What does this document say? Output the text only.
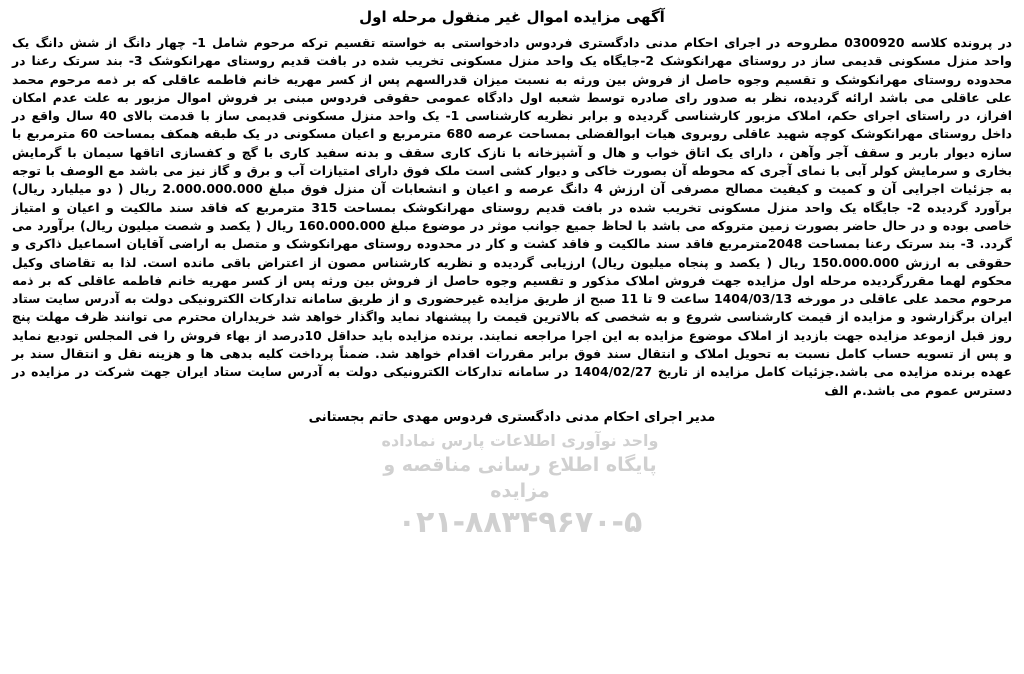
آگهی مزایده اموال غیر منقول مرحله اول

در پرونده کلاسه 0300920 مطروحه در اجرای احکام مدنی دادگستری فردوس دادخواستی به خواسته تقسیم ترکه مرحوم شامل 1- چهار دانگ از شش دانگ یک واحد منزل مسکونی قدیمی ساز در روستای مهرانکوشک 2-جایگاه یک واحد منزل مسکونی تخریب شده در بافت قدیم روستای مهرانکوشک 3- بند سرتک رعنا در محدوده روستای مهرانکوشک و تقسیم وجوه حاصل از فروش بین ورثه به نسبت میزان قدرالسهم پس از کسر مهریه خانم فاطمه عاقلی که بر ذمه مرحوم محمد علی عاقلی می باشد ارائه گردیده، نظر به صدور رای صادره توسط شعبه اول دادگاه عمومی حقوقی فردوس مبنی بر فروش اموال مزبور به علت عدم امکان افراز، در راستای اجرای حکم، املاک مزبور کارشناسی گردیده و برابر نظریه کارشناسی 1- یک واحد منزل مسکونی قدیمی ساز با قدمت بالای 40 سال واقع در داخل روستای مهرانکوشک کوچه شهید عاقلی روبروی هیات ابوالفضلی بمساحت عرصه 680 مترمربع و اعیان مسکونی در یک طبقه همکف بمساحت 60 مترمربع با سازه دیوار باربر و سقف آجر وآهن ، دارای یک اتاق خواب و هال و آشپزخانه با نازک کاری سقف و بدنه سفید کاری با گچ و کفسازی اتاقها سیمان با گرمایش بخاری و سرمایش کولر آبی با نمای آجری که محوطه آن بصورت خاکی و دیوار کشی است ملک فوق دارای امتیازات آب و برق و گاز نیز می باشد مع الوصف با توجه به جزئیات اجرایی آن و کمیت و کیفیت مصالح مصرفی آن ارزش 4 دانگ عرصه و اعیان و انشعابات آن منزل فوق مبلغ 2.000.000.000 ریال ( دو میلیارد ریال) برآورد گردیده 2- جایگاه یک واحد منزل مسکونی تخریب شده در بافت قدیم روستای مهرانکوشک بمساحت 315 مترمربع که فاقد سند مالکیت و اعیان و امتیاز خاصی بوده و در حال حاضر بصورت زمین متروکه می باشد با لحاظ جمیع جوانب موثر در موضوع مبلغ 160.000.000 ریال ( یکصد و شصت میلیون ریال) برآورد می گردد. 3- بند سرتک رعنا بمساحت 2048مترمربع فاقد سند مالکیت و فاقد کشت و کار در محدوده روستای مهرانکوشک و متصل به اراضی آقایان اسماعیل ذاکری و حقوقی به ارزش 150.000.000 ریال ( یکصد و پنجاه میلیون ریال) ارزیابی گردیده و نظریه کارشناس مصون از اعتراض باقی مانده است. لذا به تقاضای وکیل محکوم لهما مقررگردیده مرحله اول مزایده جهت فروش املاک مذکور و تقسیم وجوه حاصل از فروش بین ورثه پس از کسر مهریه خانم فاطمه عاقلی که بر ذمه مرحوم محمد علی عاقلی در مورخه 1404/03/13 ساعت 9 تا 11 صبح از طریق مزایده غیرحضوری و از طریق سامانه تدارکات الکترونیکی دولت به آدرس سایت ستاد ایران برگزارشود و مزایده از قیمت کارشناسی شروع و به شخصی که بالاترین قیمت را پیشنهاد نماید واگذار خواهد شد خریداران محترم می توانند ظرف مهلت پنج روز قبل ازموعد مزایده جهت بازدید از املاک موضوع مزایده به این اجرا مراجعه نمایند. برنده مزایده باید حداقل 10درصد از بهاء فروش را فی المجلس تودیع نماید و پس از تسویه حساب کامل نسبت به تحویل املاک و انتقال سند فوق برابر مقررات اقدام خواهد شد. ضمناً پرداخت کلیه بدهی ها و هزینه نقل و انتقال سند بر عهده برنده مزایده می باشد.جزئیات کامل مزایده از تاریخ 1404/02/27 در سامانه تدارکات الکترونیکی دولت به آدرس سایت ستاد ایران جهت شرکت در مزایده در دسترس عموم می باشد.م الف

مدیر اجرای احکام مدنی دادگستری فردوس مهدی حاتم بجستانی
واحد نوآوری اطلاعات پارس نماداده
پایگاه اطلاع رسانی مناقصه و مزایده
۰۲۱-۸۸۳۴۹۶۷۰-۵
